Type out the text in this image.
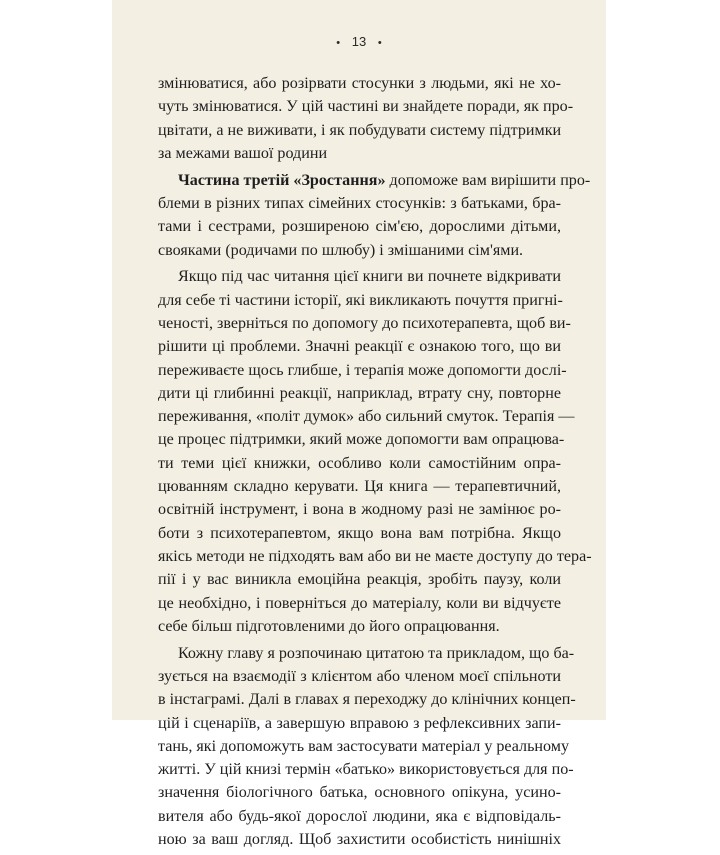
• 13 •
змінюватися, або розірвати стосунки з людьми, які не хо-
чуть змінюватися. У цій частині ви знайдете поради, як про-
цвітати, а не виживати, і як побудувати систему підтримки
за межами вашої родини
Частина третій «Зростання» допоможе вам вирішити про-
блеми в різних типах сімейних стосунків: з батьками, бра-
тами і сестрами, розширеною сім'єю, дорослими дітьми,
свояками (родичами по шлюбу) і змішаними сім'ями.
Якщо під час читання цієї книги ви почнете відкривати
для себе ті частини історії, які викликають почуття пригні-
ченості, зверніться по допомогу до психотерапевта, щоб ви-
рішити ці проблеми. Значні реакції є ознакою того, що ви
переживаєте щось глибше, і терапія може допомогти дослі-
дити ці глибинні реакції, наприклад, втрату сну, повторне
переживання, «політ думок» або сильний смуток. Терапія —
це процес підтримки, який може допомогти вам опрацюва-
ти теми цієї книжки, особливо коли самостійним опра-
цюванням складно керувати. Ця книга — терапевтичний,
освітній інструмент, і вона в жодному разі не замінює ро-
боти з психотерапевтом, якщо вона вам потрібна. Якщо
якісь методи не підходять вам або ви не маєте доступу до тера-
пії і у вас виникла емоційна реакція, зробіть паузу, коли
це необхідно, і поверніться до матеріалу, коли ви відчуєте
себе більш підготовленими до його опрацювання.
Кожну главу я розпочинаю цитатою та прикладом, що ба-
зується на взаємодії з клієнтом або членом моєї спільноти
в інстаграмі. Далі в главах я переходжу до клінічних концеп-
цій і сценаріїв, а завершую вправою з рефлексивних запи-
тань, які допоможуть вам застосувати матеріал у реальному
житті. У цій книзі термін «батько» використовується для по-
значення біологічного батька, основного опікуна, усино-
вителя або будь-якої дорослої людини, яка є відповідаль-
ною за ваш догляд. Щоб захистити особистість нинішніх
